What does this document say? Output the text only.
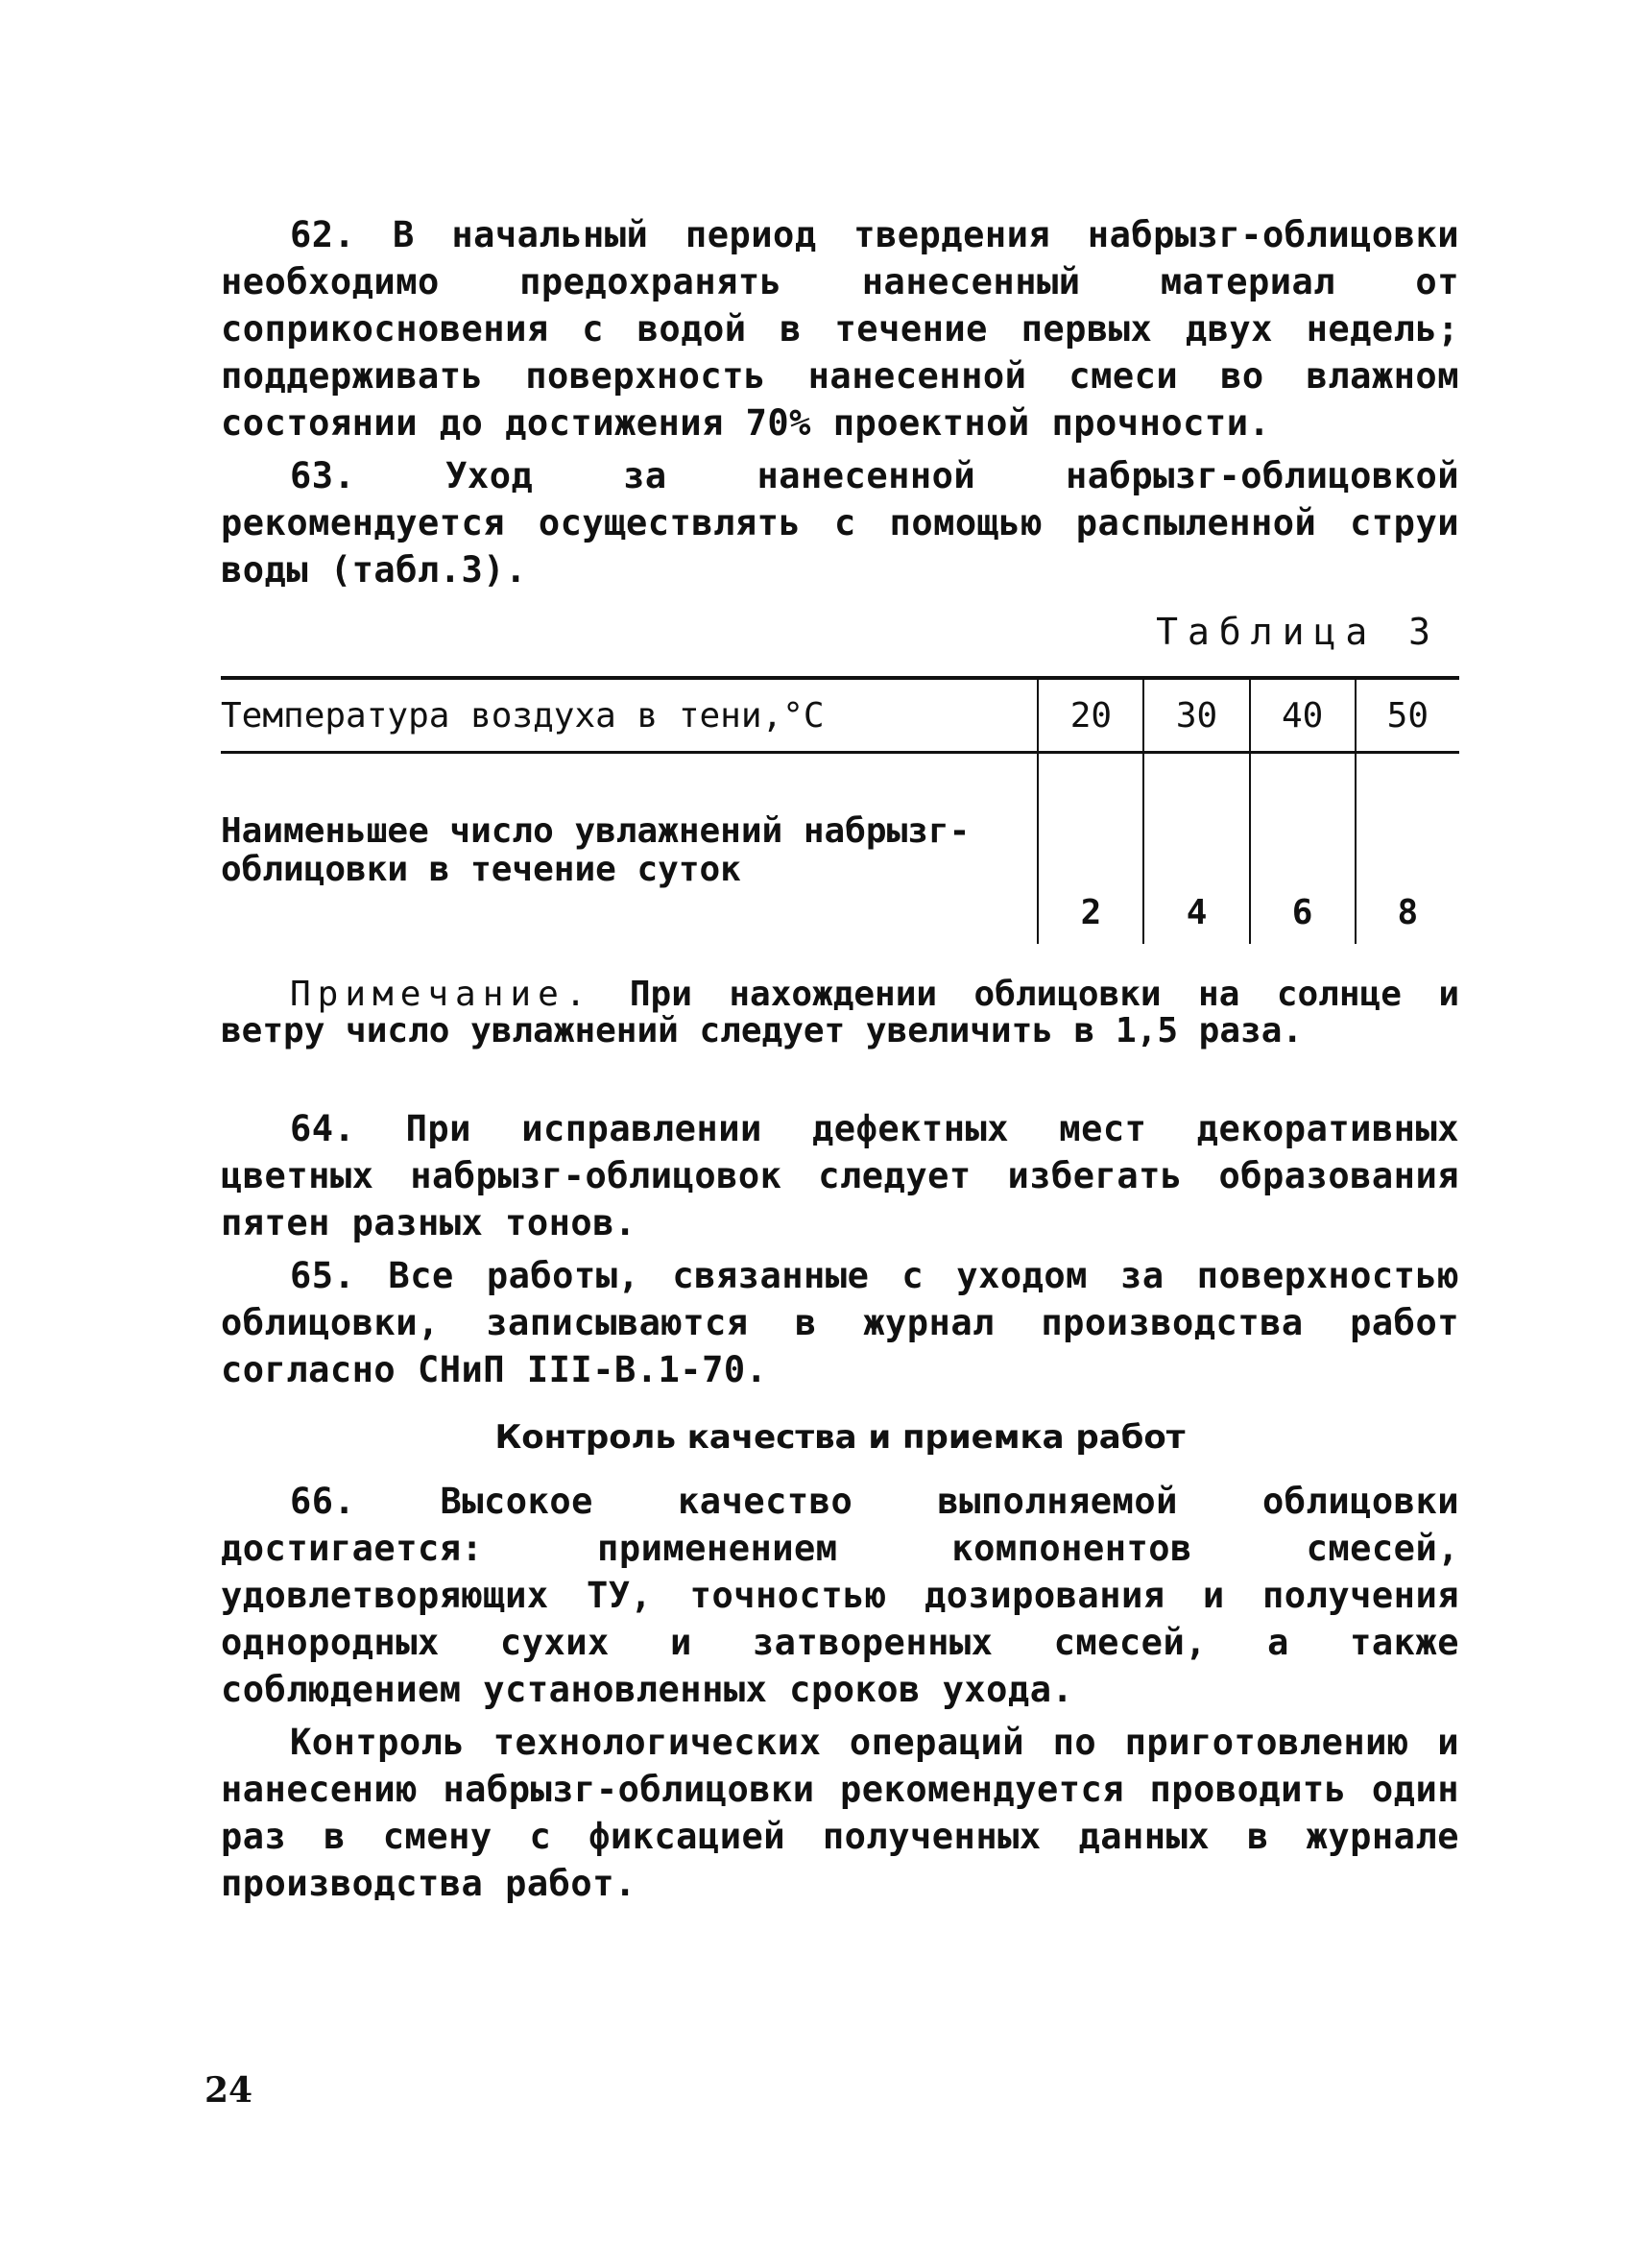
62. В начальный период твердения набрызг-облицовки необходимо предохранять нанесенный материал от соприкосновения с водой в течение первых двух недель; поддерживать поверхность нанесенной смеси во влажном состоянии до достижения 70% проектной прочности.

63. Уход за нанесенной набрызг-облицовкой рекомендуется осуществлять с помощью распыленной струи воды (табл.3).

Таблица 3
Температура воздуха в тени,°С	20	30	40	50
Наименьшее число увлажнений набрызг-облицовки в течение суток	2	4	6	8

Примечание. При нахождении облицовки на солнце и ветру число увлажнений следует увеличить в 1,5 раза.

64. При исправлении дефектных мест декоративных цветных набрызг-облицовок следует избегать образования пятен разных тонов.

65. Все работы, связанные с уходом за поверхностью облицовки, записываются в журнал производства работ согласно СНиП III-В.1-70.

Контроль качества и приемка работ

66. Высокое качество выполняемой облицовки достигается: применением компонентов смесей, удовлетворяющих ТУ, точностью дозирования и получения однородных сухих и затворенных смесей, а также соблюдением установленных сроков ухода.

Контроль технологических операций по приготовлению и нанесению набрызг-облицовки рекомендуется проводить один раз в смену с фиксацией полученных данных в журнале производства работ.

24
